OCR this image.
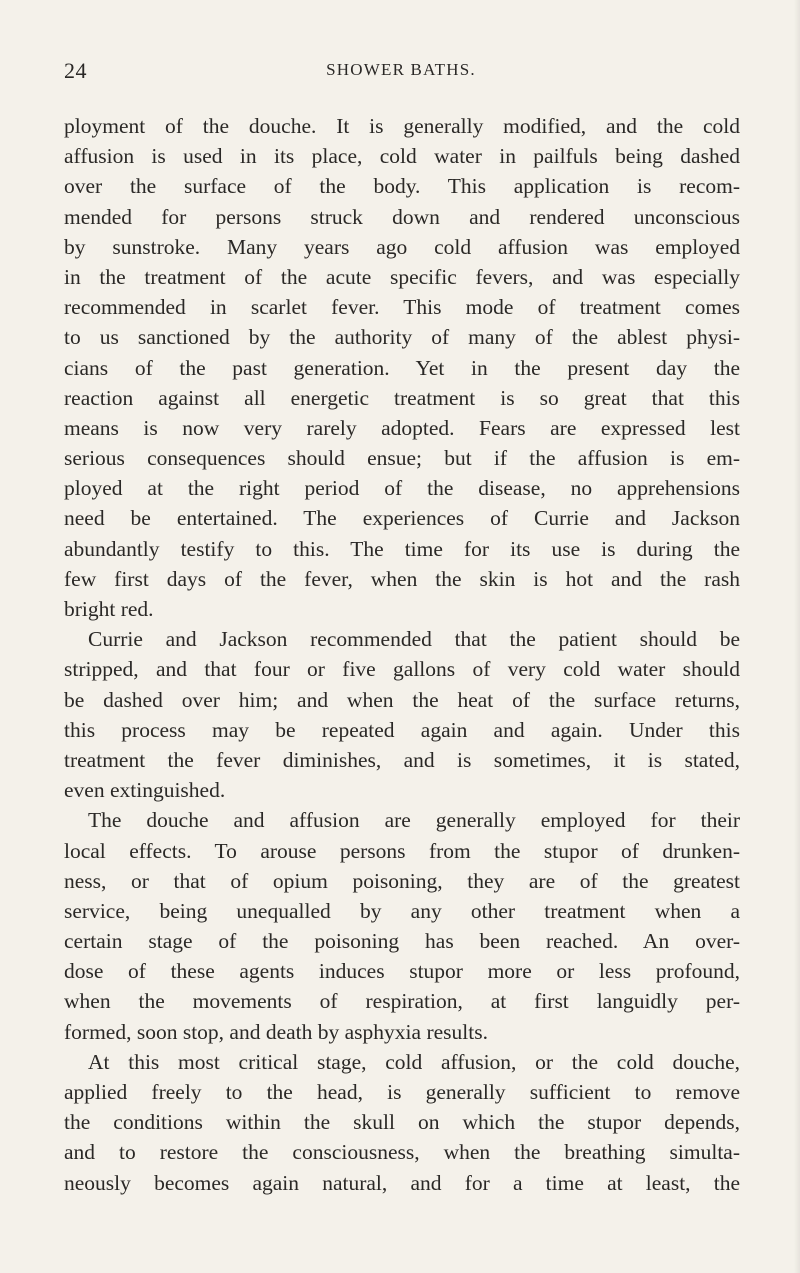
24	SHOWER BATHS.
ployment of the douche. It is generally modified, and the cold
affusion is used in its place, cold water in pailfuls being dashed
over the surface of the body. This application is recom-
mended for persons struck down and rendered unconscious
by sunstroke. Many years ago cold affusion was employed
in the treatment of the acute specific fevers, and was especially
recommended in scarlet fever. This mode of treatment comes
to us sanctioned by the authority of many of the ablest physi-
cians of the past generation. Yet in the present day the
reaction against all energetic treatment is so great that this
means is now very rarely adopted. Fears are expressed lest
serious consequences should ensue; but if the affusion is em-
ployed at the right period of the disease, no apprehensions
need be entertained. The experiences of Currie and Jackson
abundantly testify to this. The time for its use is during the
few first days of the fever, when the skin is hot and the rash
bright red.
Currie and Jackson recommended that the patient should be
stripped, and that four or five gallons of very cold water should
be dashed over him; and when the heat of the surface returns,
this process may be repeated again and again. Under this
treatment the fever diminishes, and is sometimes, it is stated,
even extinguished.
The douche and affusion are generally employed for their
local effects. To arouse persons from the stupor of drunken-
ness, or that of opium poisoning, they are of the greatest
service, being unequalled by any other treatment when a
certain stage of the poisoning has been reached. An over-
dose of these agents induces stupor more or less profound,
when the movements of respiration, at first languidly per-
formed, soon stop, and death by asphyxia results.
At this most critical stage, cold affusion, or the cold douche,
applied freely to the head, is generally sufficient to remove
the conditions within the skull on which the stupor depends,
and to restore the consciousness, when the breathing simulta-
neously becomes again natural, and for a time at least, the
